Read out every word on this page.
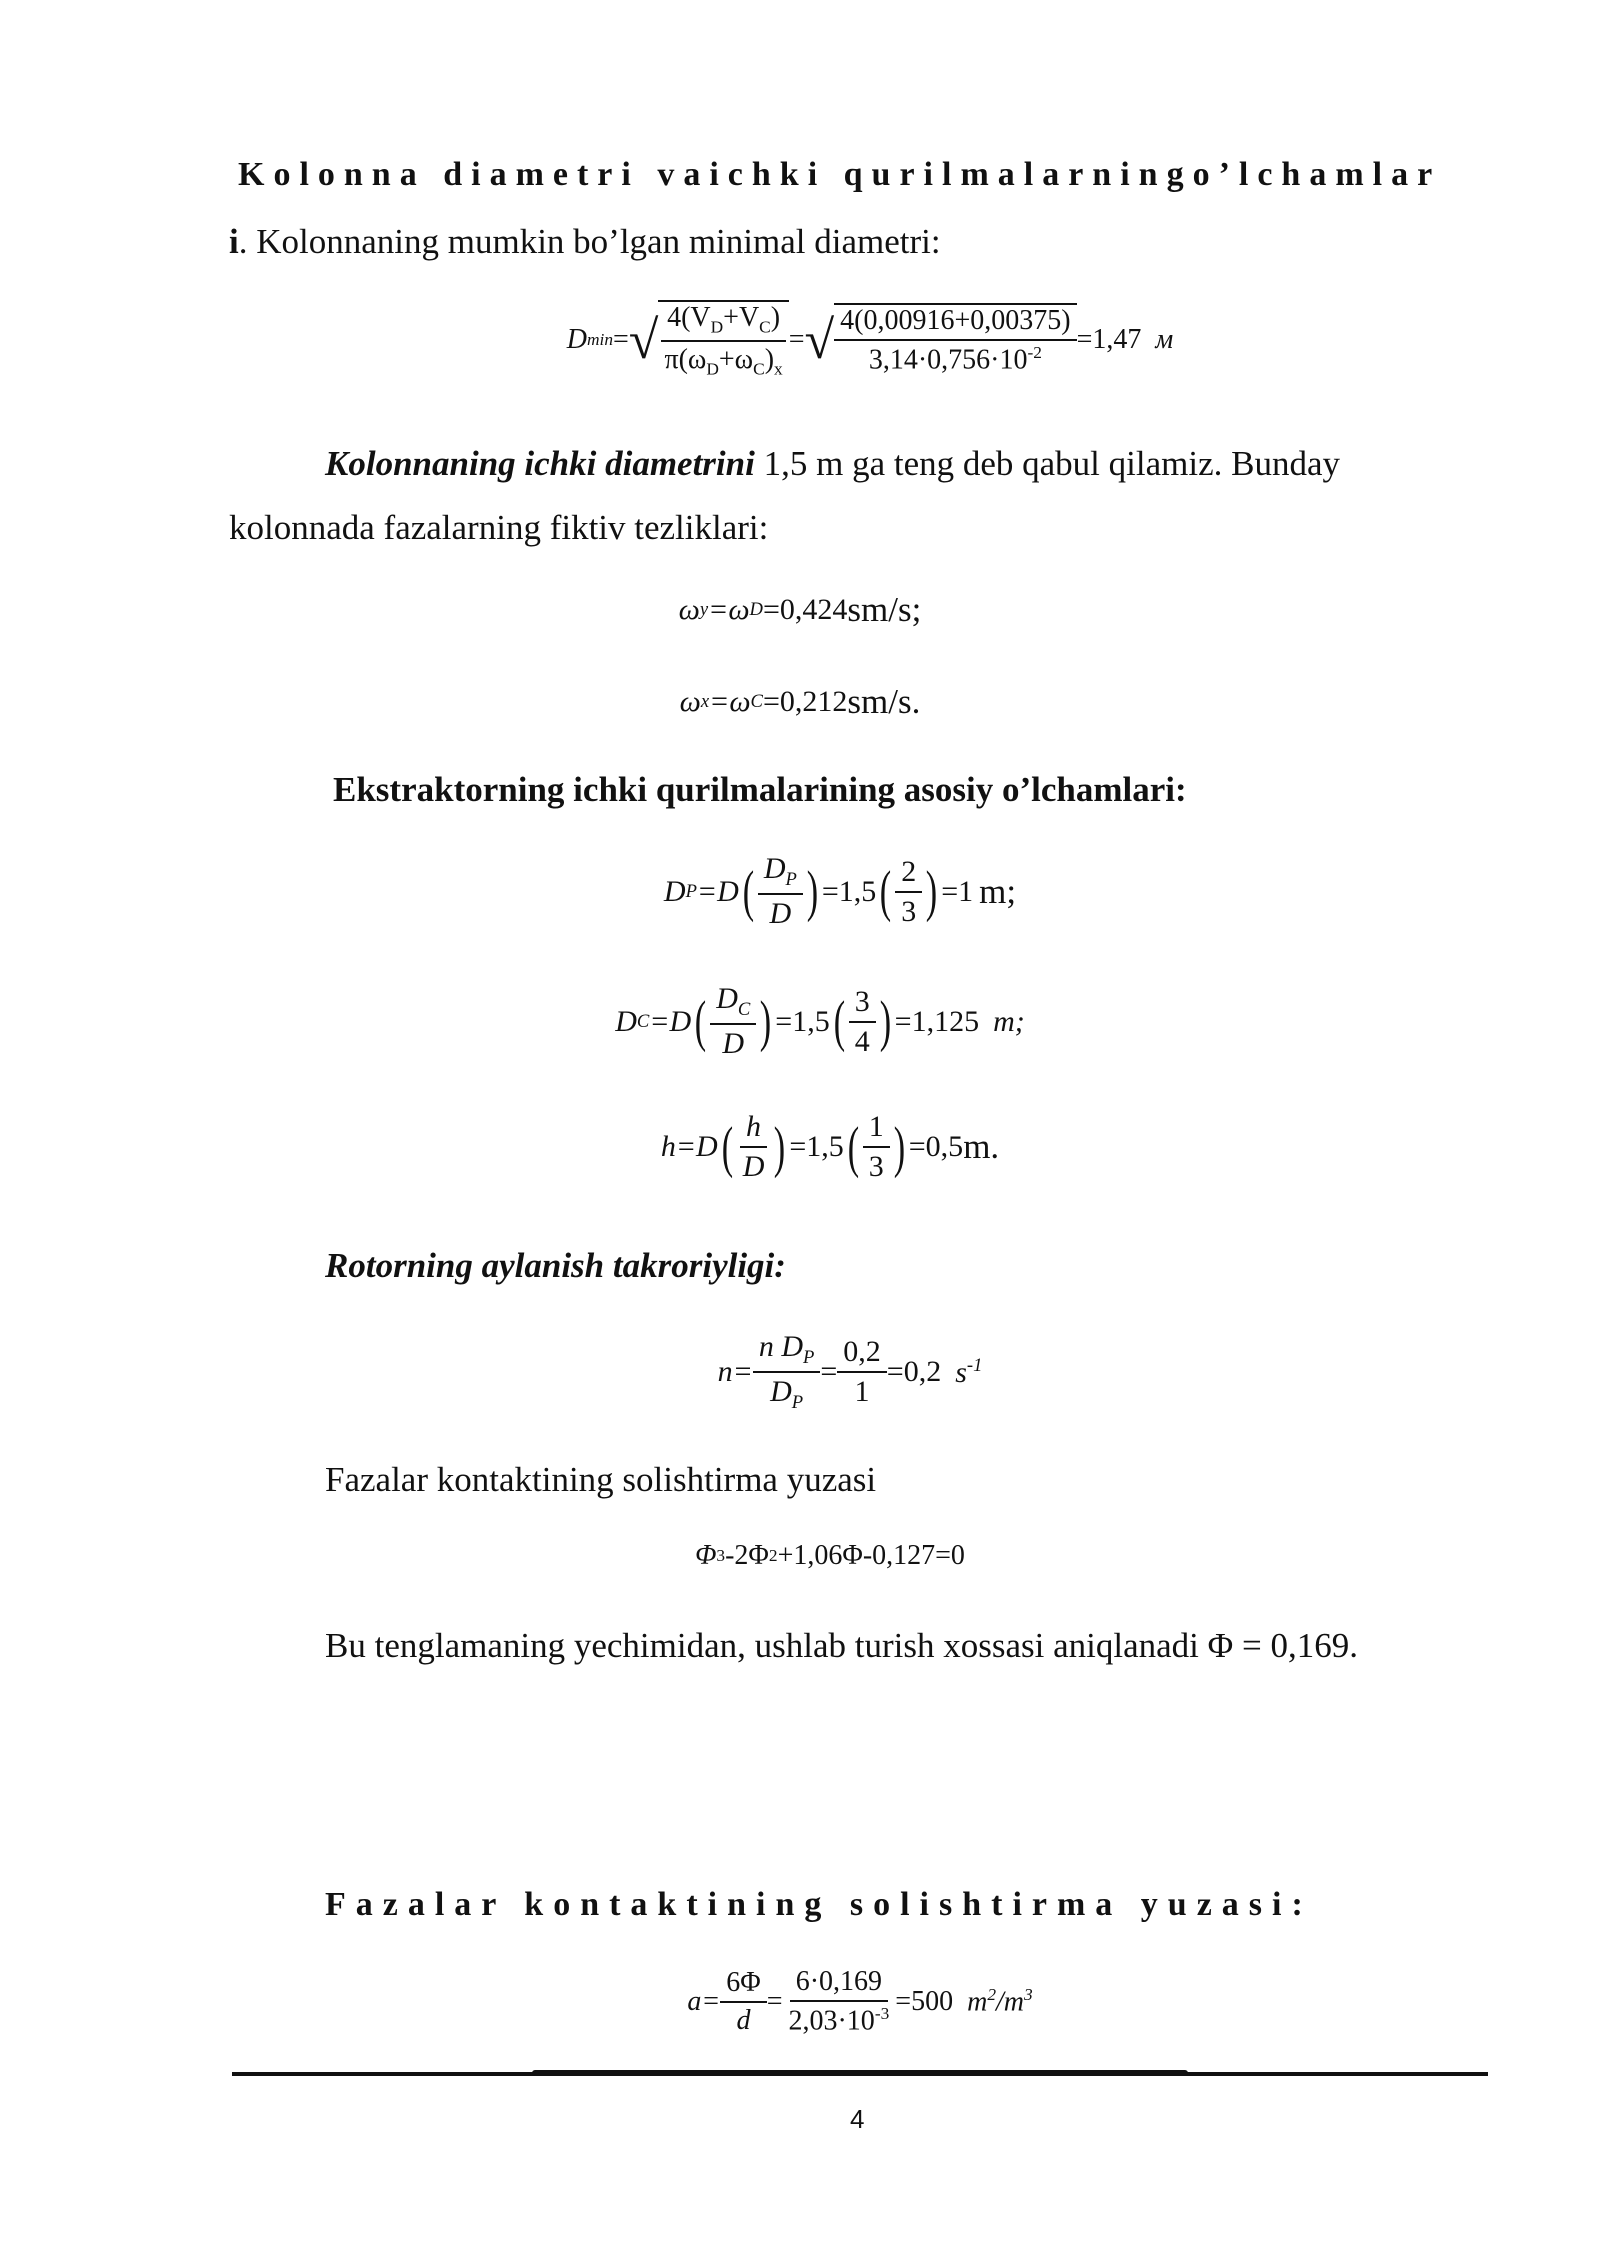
Kolonna diametri vaichki qurilmalarningo’lchamlar
i. Kolonnaning mumkin bo’lgan minimal diametri:
D min = √ $\frac{4(V_D+V_C)}{\pi(\omega_D+\omega_C)_x}$ = √ $\frac{4(0,00916+0,00375)}{3,14\cdot 0,756\cdot 10^{-2}} =1,47$ м
Kolonnaning ichki diametrini 1,5 m ga teng deb qabul qilamiz. Bunday
kolonnada fazalarning fiktiv tezliklari:
ω y =ω D =0,424 sm/s;
ω x =ω C =0,212 sm/s.
Ekstraktorning ichki qurilmalarining asosiy o’lchamlari:
D P =D ( $\frac{D_P}{D}$ ) =1,5 ( $\frac{2}{3}$ ) =1 m;
D C =D ( $\frac{D_C}{D}$ ) =1,5 ( $\frac{3}{4}$ ) =1,125 m;
h =D ( $\frac{h}{D}$ ) =1,5 ( $\frac{1}{3}$ ) =0,5 m.
Rotorning aylanish takroriyligi:
$n= \frac{n D_P}{D_P} = \frac{0,2}{1} =0,2$ $s^{-1}$
Fazalar kontaktining solishtirma yuzasi
Φ 3 -2Φ 2 +1,06Φ-0,127=0
Bu tenglamaning yechimidan, ushlab turish xossasi aniqlanadi Φ = 0,169.
Fazalar kontaktining solishtirma yuzasi:
$a= \frac{6\Phi}{d} = \frac{6\cdot 0,169}{2,03\cdot 10^{-3}} =500$ $m^2/m^3$
4
